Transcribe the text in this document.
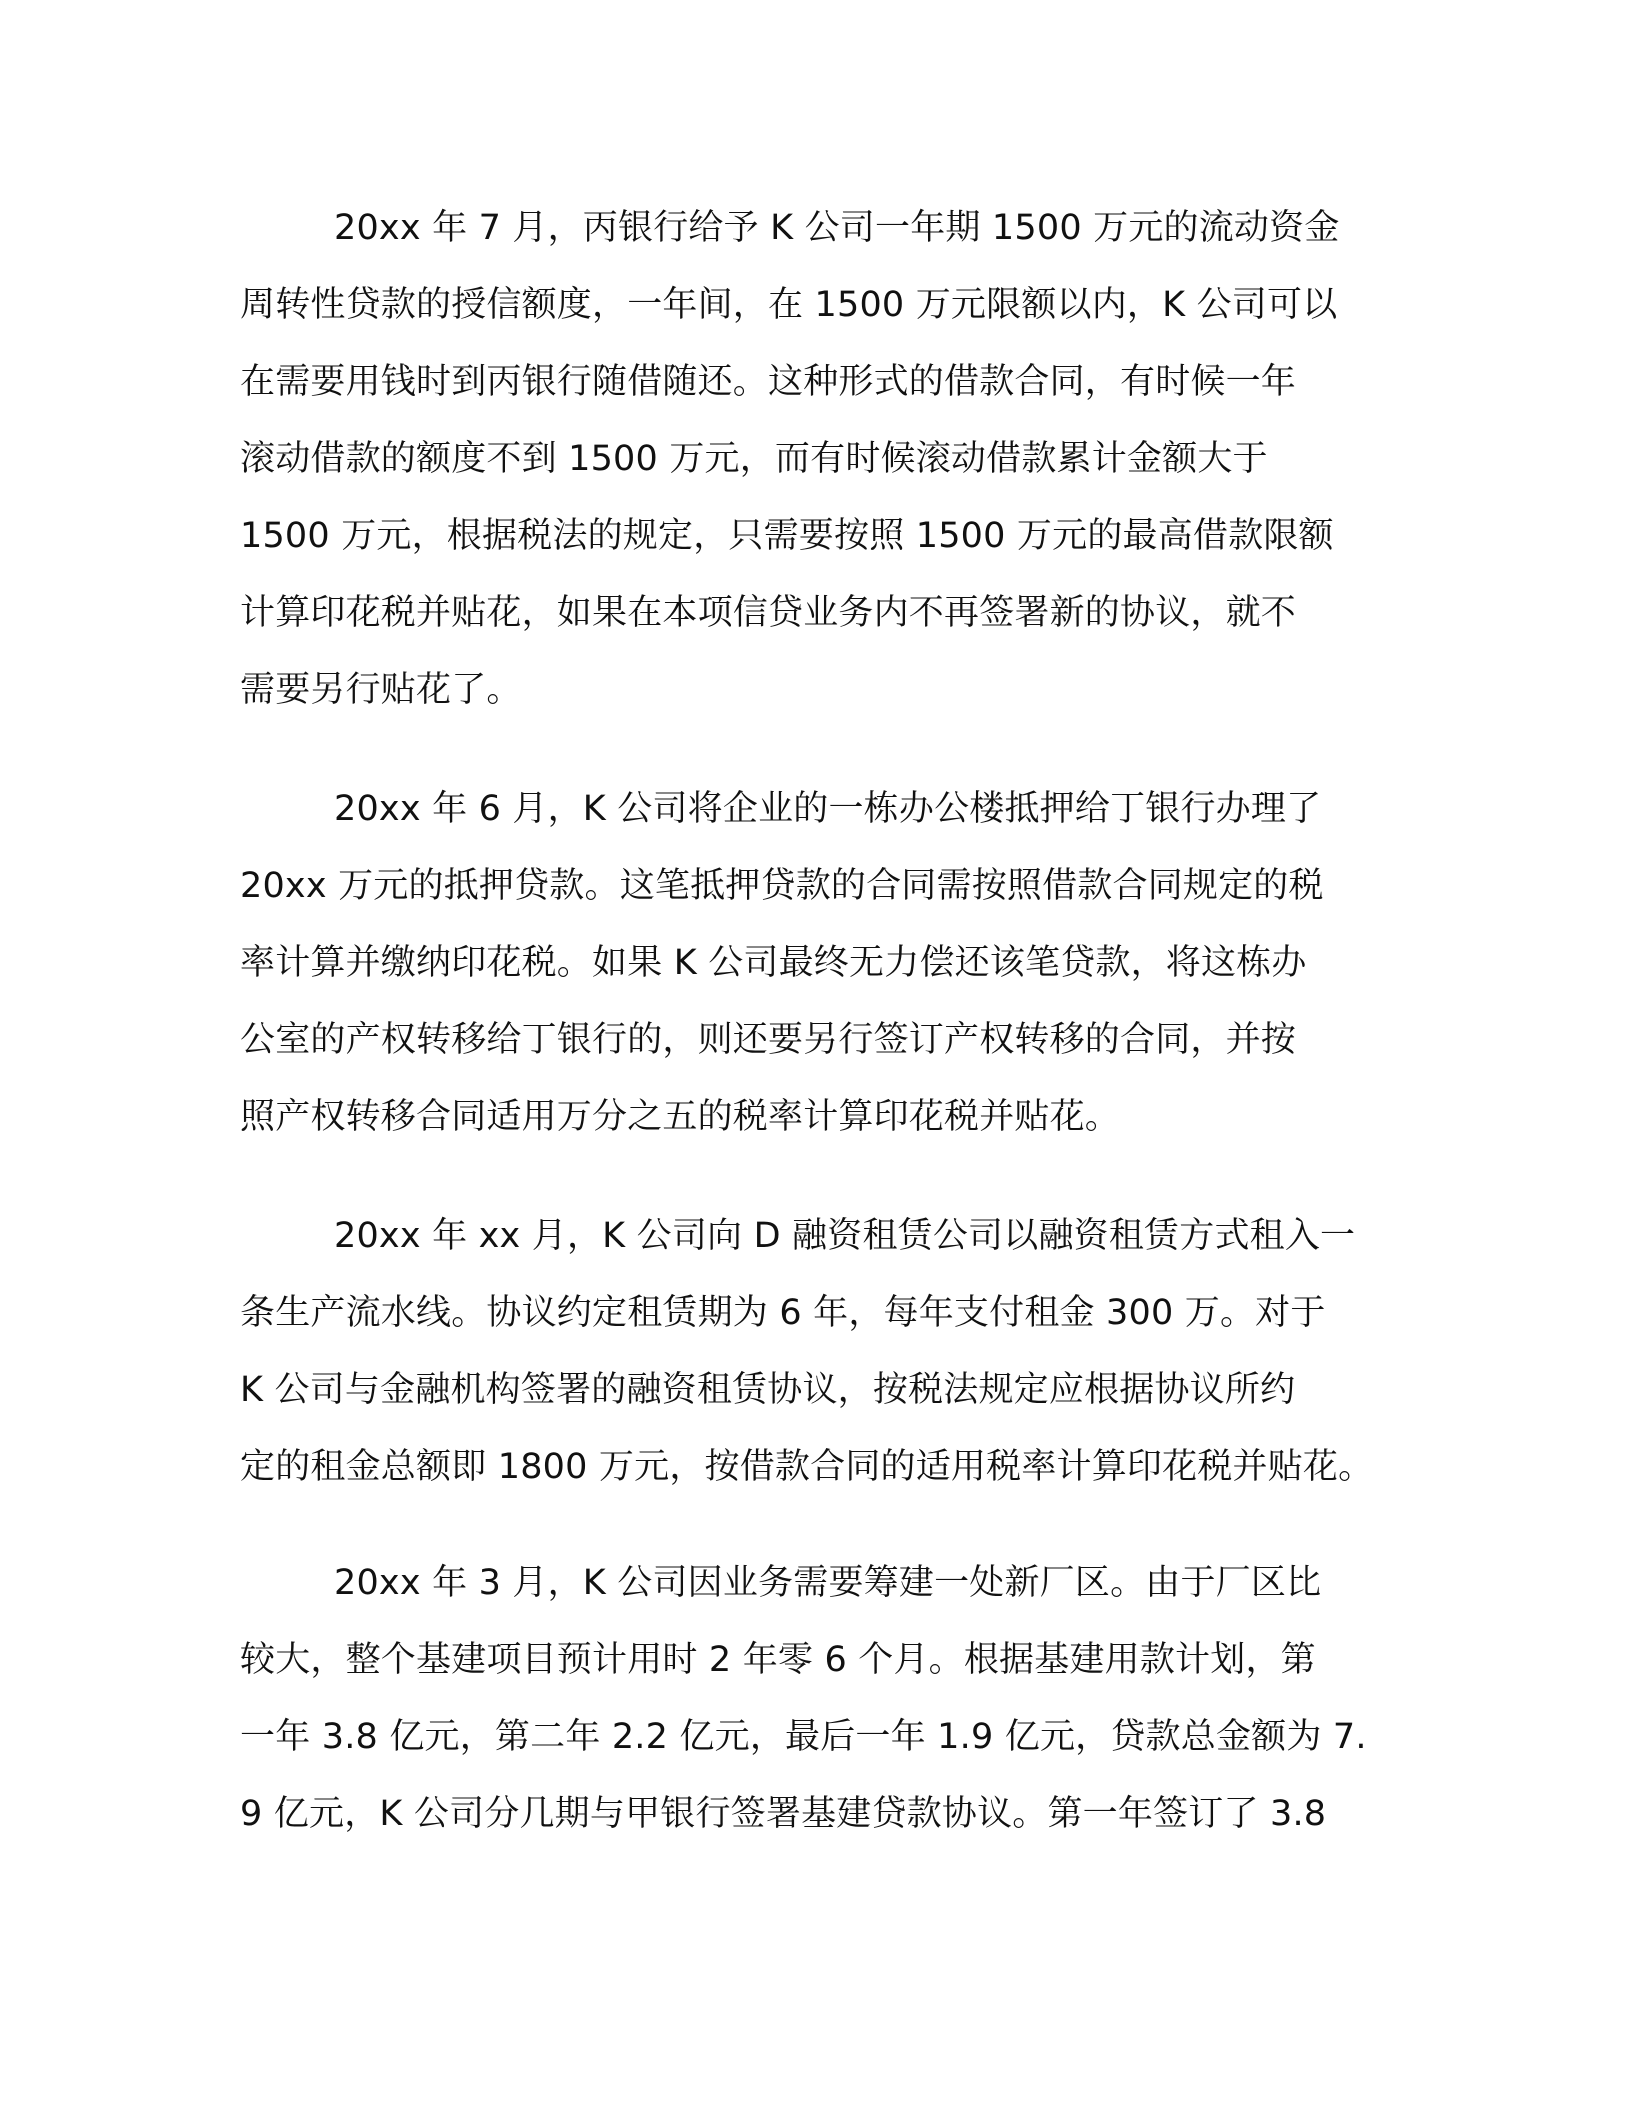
20xx 年 7 月，丙银行给予 K 公司一年期 1500 万元的流动资金
周转性贷款的授信额度，一年间，在 1500 万元限额以内，K 公司可以
在需要用钱时到丙银行随借随还。这种形式的借款合同，有时候一年
滚动借款的额度不到 1500 万元，而有时候滚动借款累计金额大于
1500 万元，根据税法的规定，只需要按照 1500 万元的最高借款限额
计算印花税并贴花，如果在本项信贷业务内不再签署新的协议，就不
需要另行贴花了。
20xx 年 6 月，K 公司将企业的一栋办公楼抵押给丁银行办理了
20xx 万元的抵押贷款。这笔抵押贷款的合同需按照借款合同规定的税
率计算并缴纳印花税。如果 K 公司最终无力偿还该笔贷款，将这栋办
公室的产权转移给丁银行的，则还要另行签订产权转移的合同，并按
照产权转移合同适用万分之五的税率计算印花税并贴花。
20xx 年 xx 月，K 公司向 D 融资租赁公司以融资租赁方式租入一
条生产流水线。协议约定租赁期为 6 年，每年支付租金 300 万。对于
K 公司与金融机构签署的融资租赁协议，按税法规定应根据协议所约
定的租金总额即 1800 万元，按借款合同的适用税率计算印花税并贴花。
20xx 年 3 月，K 公司因业务需要筹建一处新厂区。由于厂区比
较大，整个基建项目预计用时 2 年零 6 个月。根据基建用款计划，第
一年 3.8 亿元，第二年 2.2 亿元，最后一年 1.9 亿元，贷款总金额为 7.
9 亿元，K 公司分几期与甲银行签署基建贷款协议。第一年签订了 3.8
